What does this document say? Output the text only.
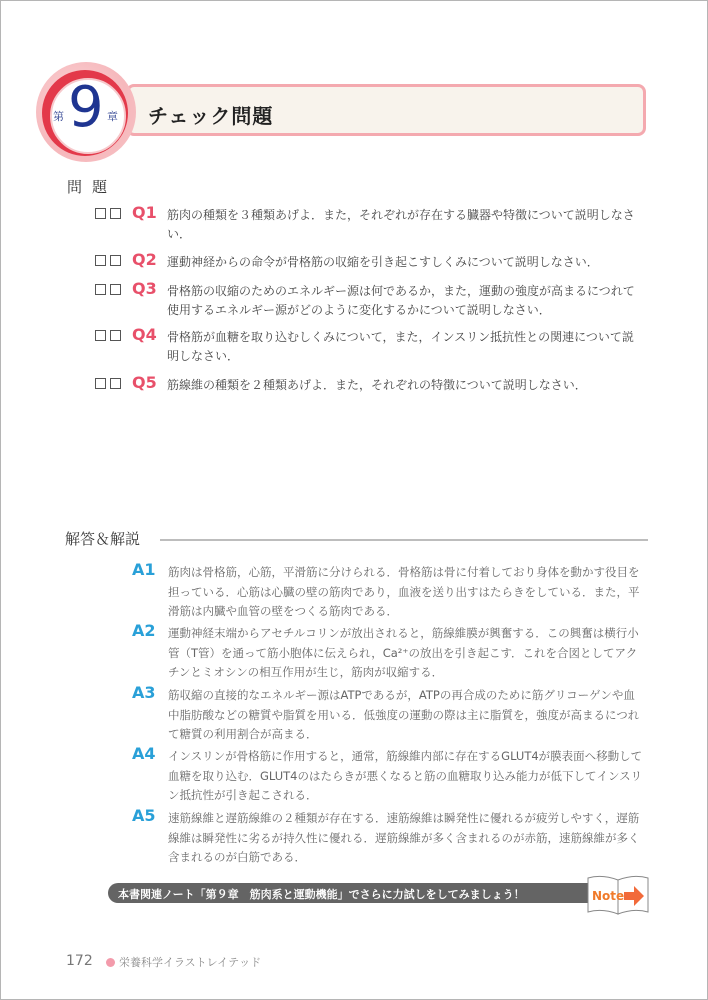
チェック問題
第 9 章
問題
Q1 筋肉の種類を３種類あげよ．また，それぞれが存在する臓器や特徴について説明しなさい．
Q2 運動神経からの命令が骨格筋の収縮を引き起こすしくみについて説明しなさい．
Q3 骨格筋の収縮のためのエネルギー源は何であるか，また，運動の強度が高まるにつれて使用するエネルギー源がどのように変化するかについて説明しなさい．
Q4 骨格筋が血糖を取り込むしくみについて，また，インスリン抵抗性との関連について説明しなさい．
Q5 筋線維の種類を２種類あげよ．また，それぞれの特徴について説明しなさい．
解答＆解説
A1 筋肉は骨格筋，心筋，平滑筋に分けられる．骨格筋は骨に付着しており身体を動かす役目を担っている．心筋は心臓の壁の筋肉であり，血液を送り出すはたらきをしている．また，平滑筋は内臓や血管の壁をつくる筋肉である．
A2 運動神経末端からアセチルコリンが放出されると，筋線維膜が興奮する．この興奮は横行小管（T管）を通って筋小胞体に伝えられ，Ca²⁺の放出を引き起こす．これを合図としてアクチンとミオシンの相互作用が生じ，筋肉が収縮する．
A3 筋収縮の直接的なエネルギー源はATPであるが，ATPの再合成のために筋グリコーゲンや血中脂肪酸などの糖質や脂質を用いる．低強度の運動の際は主に脂質を，強度が高まるにつれて糖質の利用割合が高まる．
A4 インスリンが骨格筋に作用すると，通常，筋線維内部に存在するGLUT4が膜表面へ移動して血糖を取り込む．GLUT4のはたらきが悪くなると筋の血糖取り込み能力が低下してインスリン抵抗性が引き起こされる．
A5 速筋線維と遅筋線維の２種類が存在する．速筋線維は瞬発性に優れるが疲労しやすく，遅筋線維は瞬発性に劣るが持久性に優れる．遅筋線維が多く含まれるのが赤筋，速筋線維が多く含まれるのが白筋である．
本書関連ノート「第９章　筋肉系と運動機能」でさらに力試しをしてみましょう！	Note
172 栄養科学イラストレイテッド
